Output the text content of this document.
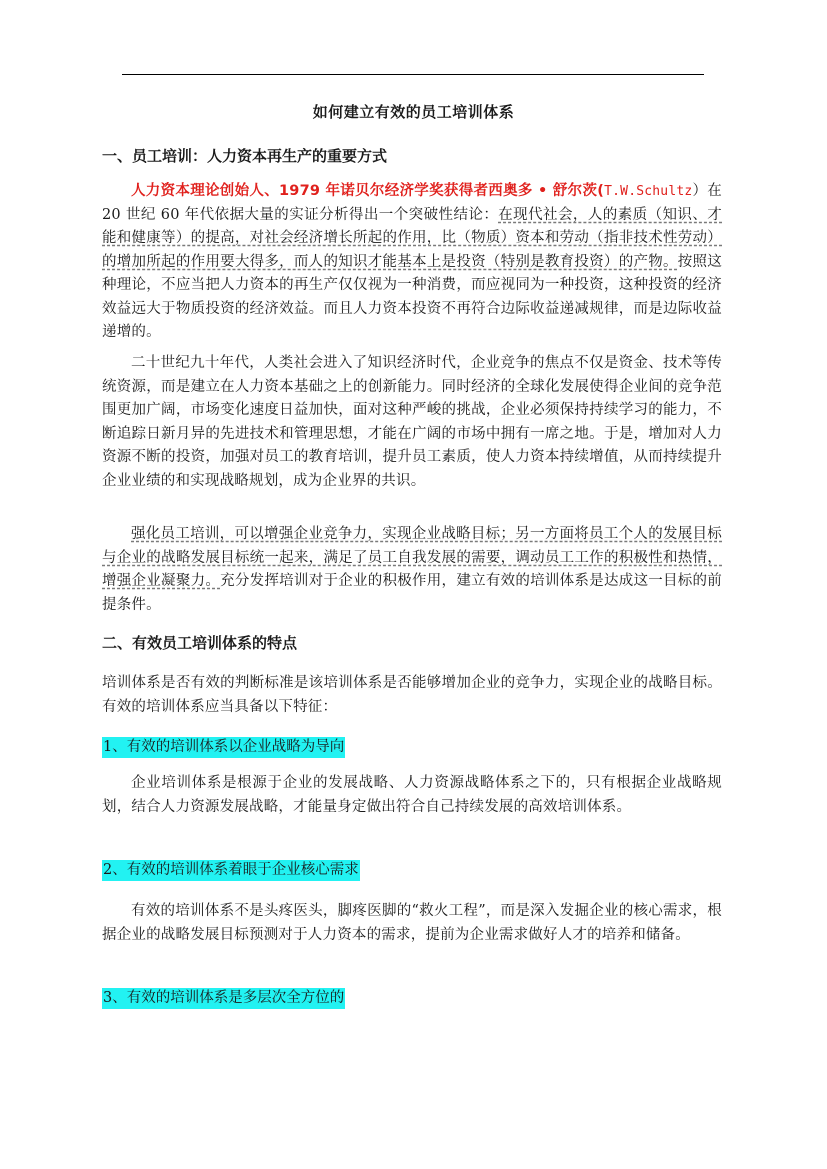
如何建立有效的员工培训体系
一、员工培训：人力资本再生产的重要方式
人力资本理论创始人、1979 年诺贝尔经济学奖获得者西奥多 • 舒尔茨(T.W.Schultz）在 20 世纪 60 年代依据大量的实证分析得出一个突破性结论：在现代社会，人的素质（知识、才能和健康等）的提高，对社会经济增长所起的作用，比（物质）资本和劳动（指非技术性劳动）的增加所起的作用要大得多，而人的知识才能基本上是投资（特别是教育投资）的产物。按照这种理论，不应当把人力资本的再生产仅仅视为一种消费，而应视同为一种投资，这种投资的经济效益远大于物质投资的经济效益。而且人力资本投资不再符合边际收益递减规律，而是边际收益递增的。
二十世纪九十年代，人类社会进入了知识经济时代，企业竞争的焦点不仅是资金、技术等传统资源，而是建立在人力资本基础之上的创新能力。同时经济的全球化发展使得企业间的竞争范围更加广阔，市场变化速度日益加快，面对这种严峻的挑战，企业必须保持持续学习的能力，不断追踪日新月异的先进技术和管理思想，才能在广阔的市场中拥有一席之地。于是，增加对人力资源不断的投资，加强对员工的教育培训，提升员工素质，使人力资本持续增值，从而持续提升企业业绩的和实现战略规划，成为企业界的共识。
强化员工培训，可以增强企业竞争力，实现企业战略目标；另一方面将员工个人的发展目标与企业的战略发展目标统一起来，满足了员工自我发展的需要，调动员工工作的积极性和热情，增强企业凝聚力。充分发挥培训对于企业的积极作用，建立有效的培训体系是达成这一目标的前提条件。
二、有效员工培训体系的特点
培训体系是否有效的判断标准是该培训体系是否能够增加企业的竞争力，实现企业的战略目标。有效的培训体系应当具备以下特征：
1、有效的培训体系以企业战略为导向
企业培训体系是根源于企业的发展战略、人力资源战略体系之下的，只有根据企业战略规划，结合人力资源发展战略，才能量身定做出符合自己持续发展的高效培训体系。
2、有效的培训体系着眼于企业核心需求
有效的培训体系不是头疼医头，脚疼医脚的“救火工程”，而是深入发掘企业的核心需求，根据企业的战略发展目标预测对于人力资本的需求，提前为企业需求做好人才的培养和储备。
3、有效的培训体系是多层次全方位的
